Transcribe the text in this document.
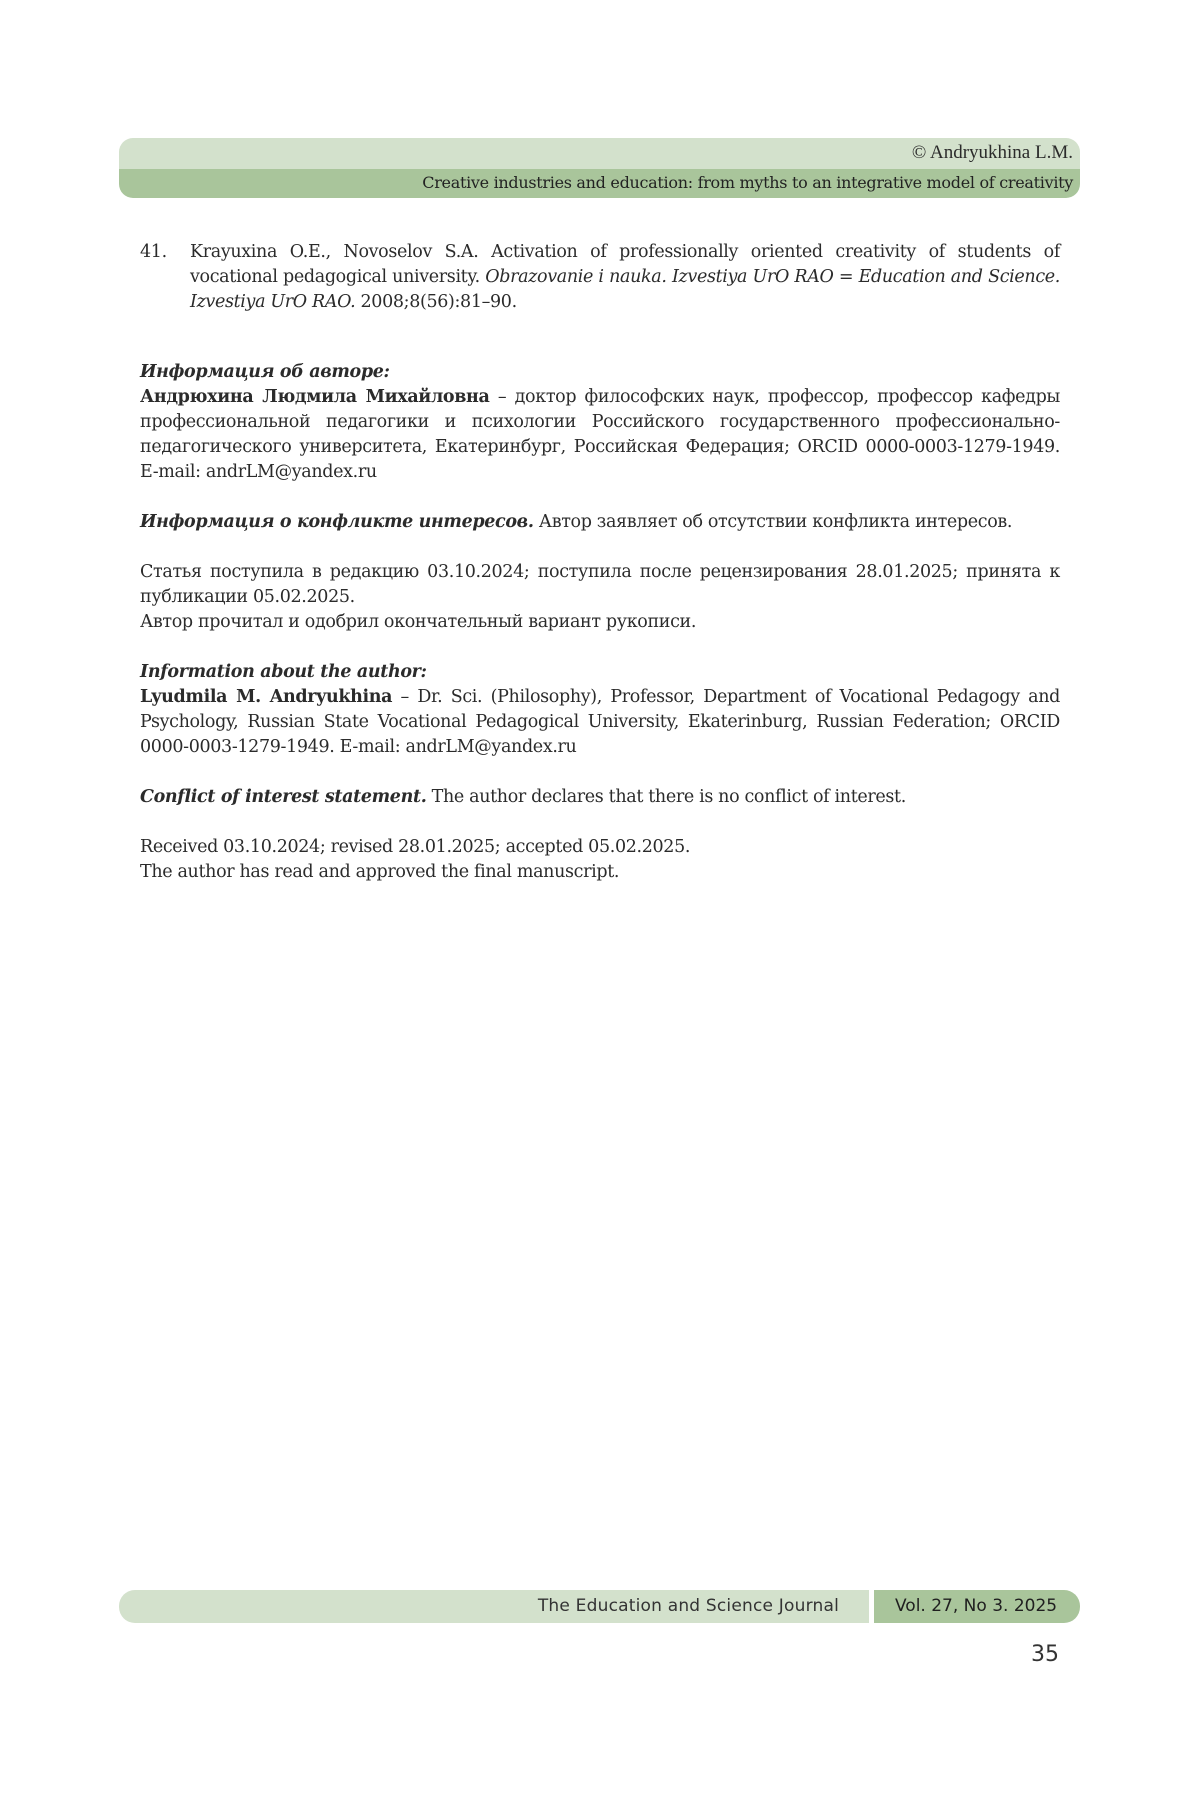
© Andryukhina L.M.
Creative industries and education: from myths to an integrative model of creativity
41. Krayuxina O.E., Novoselov S.A. Activation of professionally oriented creativity of students of vocational pedagogical university. Obrazovanie i nauka. Izvestiya UrO RAO = Education and Science. Izvestiya UrO RAO. 2008;8(56):81–90.

Информация об авторе:
Андрюхина Людмила Михайловна – доктор философских наук, профессор, профессор кафедры профессиональной педагогики и психологии Российского государственного профессионально-педагогического университета, Екатеринбург, Российская Федерация; ORCID 0000-0003-1279-1949. E-mail: andrLM@yandex.ru

Информация о конфликте интересов. Автор заявляет об отсутствии конфликта интересов.

Статья поступила в редакцию 03.10.2024; поступила после рецензирования 28.01.2025; принята к публикации 05.02.2025.

Автор прочитал и одобрил окончательный вариант рукописи.

Information about the author:
Lyudmila M. Andryukhina – Dr. Sci. (Philosophy), Professor, Department of Vocational Pedagogy and Psychology, Russian State Vocational Pedagogical University, Ekaterinburg, Russian Federation; ORCID 0000-0003-1279-1949. E-mail: andrLM@yandex.ru

Conflict of interest statement. The author declares that there is no conflict of interest.

Received 03.10.2024; revised 28.01.2025; accepted 05.02.2025.

The author has read and approved the final manuscript.

The Education and Science Journal	Vol. 27, No 3. 2025
35
